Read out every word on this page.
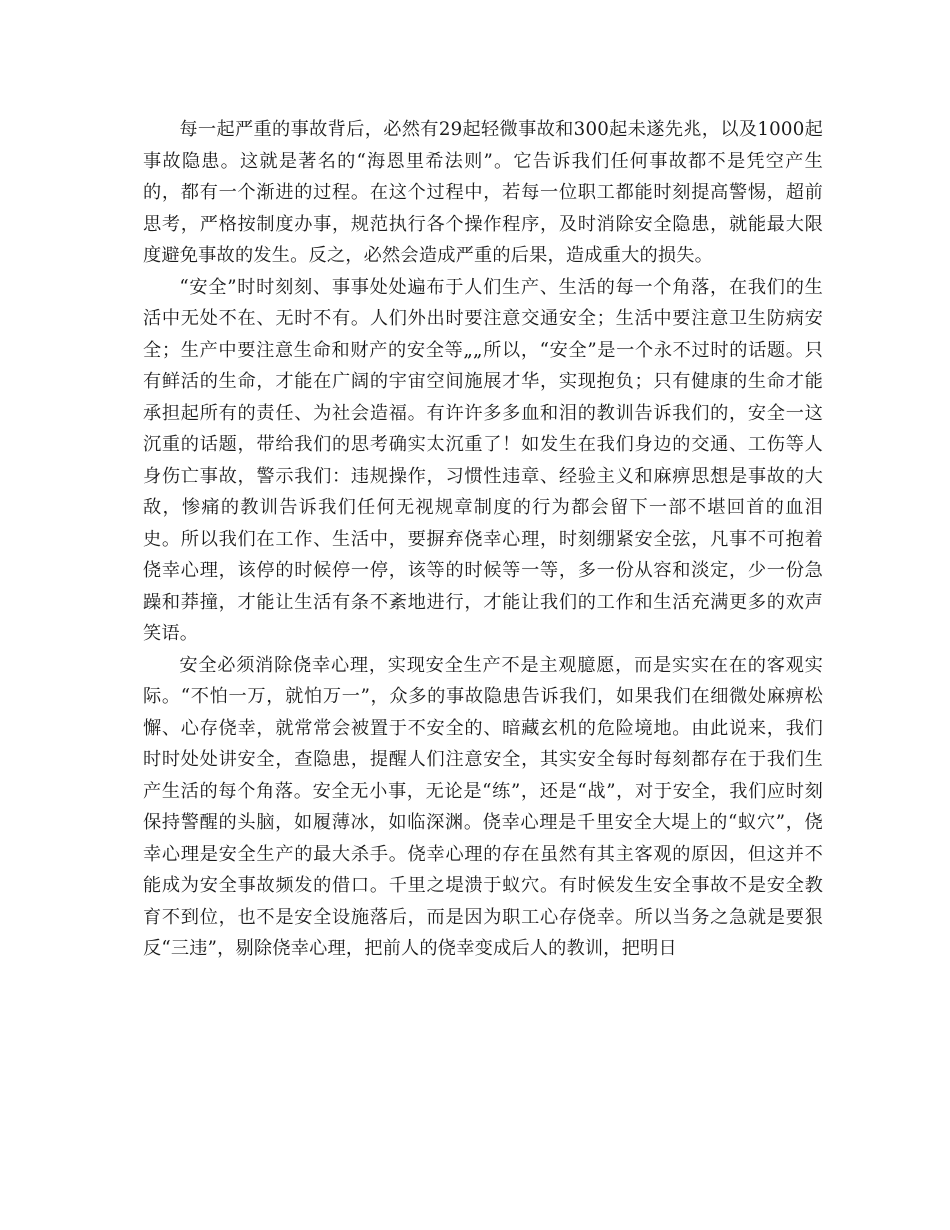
每一起严重的事故背后，必然有29起轻微事故和300起未遂先兆，以及1000起事故隐患。这就是著名的“海恩里希法则”。它告诉我们任何事故都不是凭空产生的，都有一个渐进的过程。在这个过程中，若每一位职工都能时刻提高警惕，超前思考，严格按制度办事，规范执行各个操作程序，及时消除安全隐患，就能最大限度避免事故的发生。反之，必然会造成严重的后果，造成重大的损失。

“安全”时时刻刻、事事处处遍布于人们生产、生活的每一个角落，在我们的生活中无处不在、无时不有。人们外出时要注意交通安全；生活中要注意卫生防病安全；生产中要注意生命和财产的安全等„„所以，“安全”是一个永不过时的话题。只有鲜活的生命，才能在广阔的宇宙空间施展才华，实现抱负；只有健康的生命才能承担起所有的责任、为社会造福。有许许多多血和泪的教训告诉我们的，安全一这沉重的话题，带给我们的思考确实太沉重了！如发生在我们身边的交通、工伤等人身伤亡事故，警示我们：违规操作，习惯性违章、经验主义和麻痹思想是事故的大敌，惨痛的教训告诉我们任何无视规章制度的行为都会留下一部不堪回首的血泪史。所以我们在工作、生活中，要摒弃侥幸心理，时刻绷紧安全弦，凡事不可抱着侥幸心理，该停的时候停一停，该等的时候等一等，多一份从容和淡定，少一份急躁和莽撞，才能让生活有条不紊地进行，才能让我们的工作和生活充满更多的欢声笑语。

安全必须消除侥幸心理，实现安全生产不是主观臆愿，而是实实在在的客观实际。“不怕一万，就怕万一”，众多的事故隐患告诉我们，如果我们在细微处麻痹松懈、心存侥幸，就常常会被置于不安全的、暗藏玄机的危险境地。由此说来，我们时时处处讲安全，查隐患，提醒人们注意安全，其实安全每时每刻都存在于我们生产生活的每个角落。安全无小事，无论是“练”，还是“战”，对于安全，我们应时刻保持警醒的头脑，如履薄冰，如临深渊。侥幸心理是千里安全大堤上的“蚁穴”，侥幸心理是安全生产的最大杀手。侥幸心理的存在虽然有其主客观的原因，但这并不能成为安全事故频发的借口。千里之堤溃于蚁穴。有时候发生安全事故不是安全教育不到位，也不是安全设施落后，而是因为职工心存侥幸。所以当务之急就是要狠反“三违”，剔除侥幸心理，把前人的侥幸变成后人的教训，把明日
